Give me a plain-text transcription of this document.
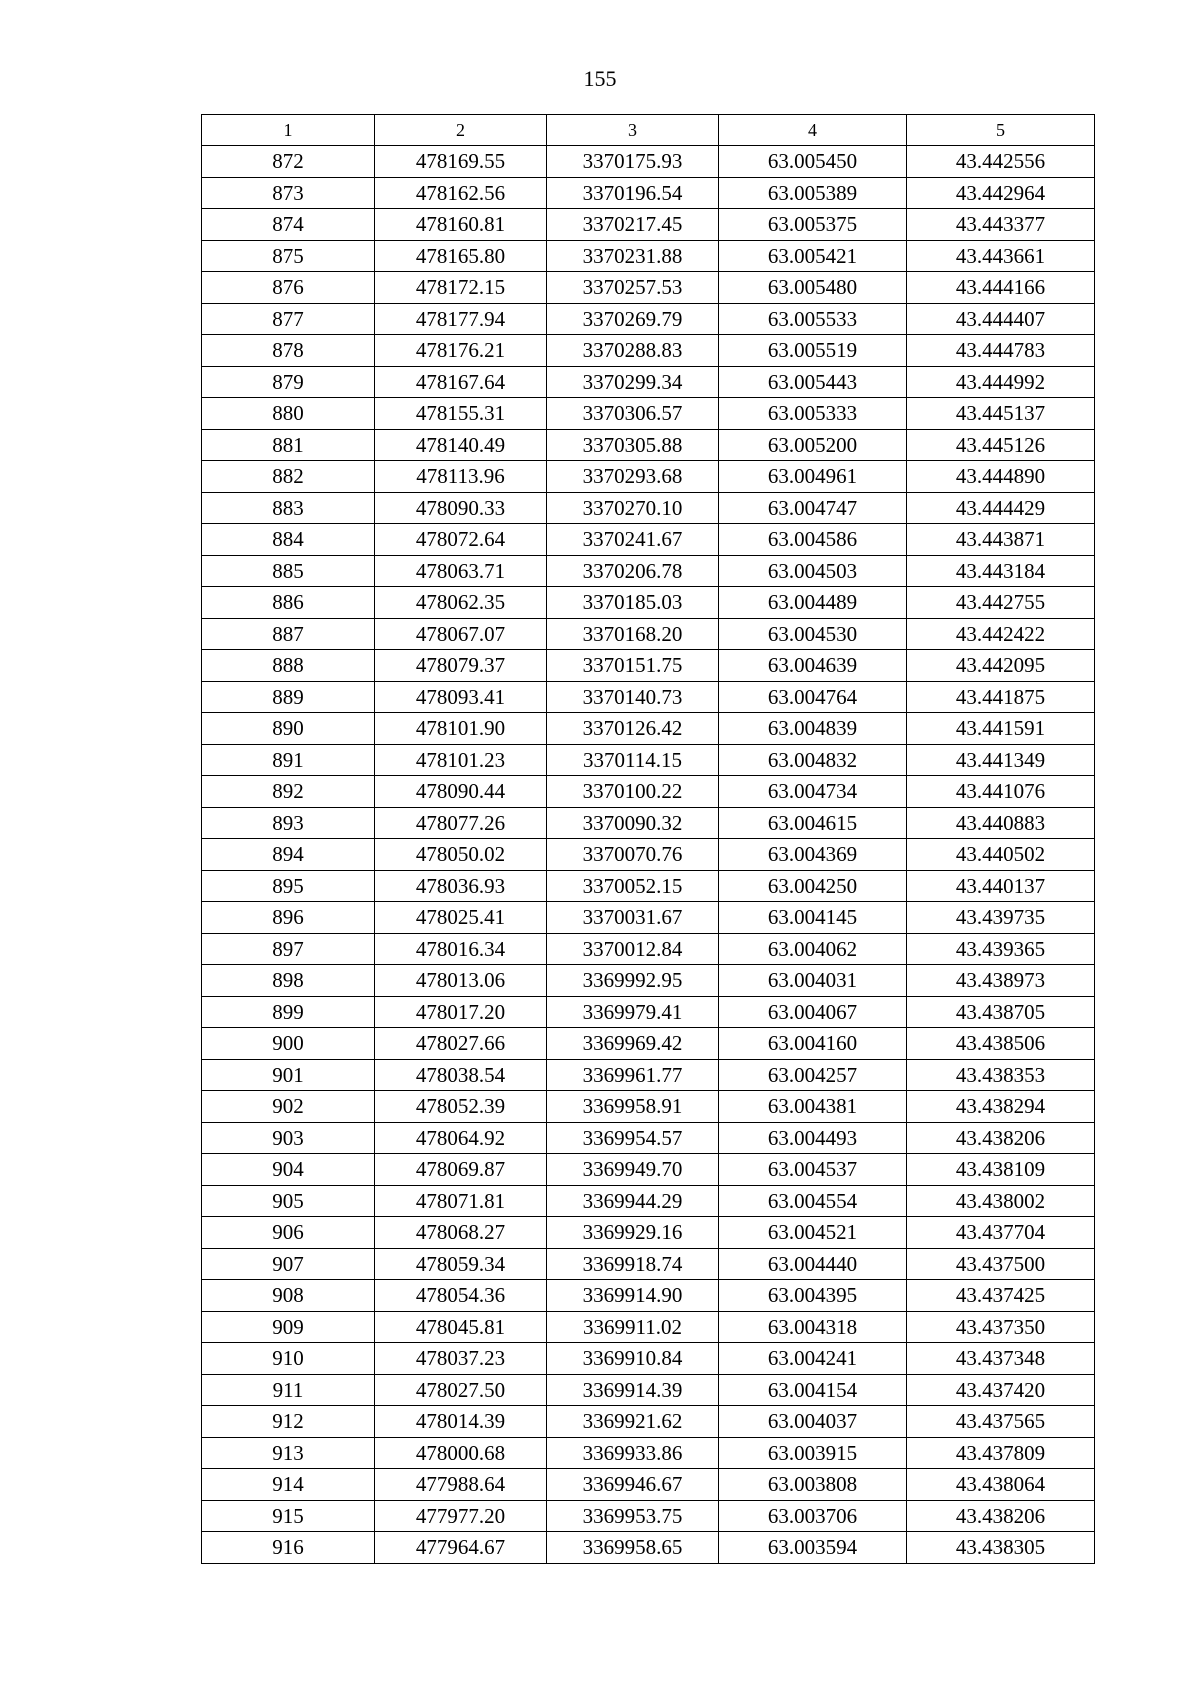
155
1	2	3	4	5
872	478169.55	3370175.93	63.005450	43.442556
873	478162.56	3370196.54	63.005389	43.442964
874	478160.81	3370217.45	63.005375	43.443377
875	478165.80	3370231.88	63.005421	43.443661
876	478172.15	3370257.53	63.005480	43.444166
877	478177.94	3370269.79	63.005533	43.444407
878	478176.21	3370288.83	63.005519	43.444783
879	478167.64	3370299.34	63.005443	43.444992
880	478155.31	3370306.57	63.005333	43.445137
881	478140.49	3370305.88	63.005200	43.445126
882	478113.96	3370293.68	63.004961	43.444890
883	478090.33	3370270.10	63.004747	43.444429
884	478072.64	3370241.67	63.004586	43.443871
885	478063.71	3370206.78	63.004503	43.443184
886	478062.35	3370185.03	63.004489	43.442755
887	478067.07	3370168.20	63.004530	43.442422
888	478079.37	3370151.75	63.004639	43.442095
889	478093.41	3370140.73	63.004764	43.441875
890	478101.90	3370126.42	63.004839	43.441591
891	478101.23	3370114.15	63.004832	43.441349
892	478090.44	3370100.22	63.004734	43.441076
893	478077.26	3370090.32	63.004615	43.440883
894	478050.02	3370070.76	63.004369	43.440502
895	478036.93	3370052.15	63.004250	43.440137
896	478025.41	3370031.67	63.004145	43.439735
897	478016.34	3370012.84	63.004062	43.439365
898	478013.06	3369992.95	63.004031	43.438973
899	478017.20	3369979.41	63.004067	43.438705
900	478027.66	3369969.42	63.004160	43.438506
901	478038.54	3369961.77	63.004257	43.438353
902	478052.39	3369958.91	63.004381	43.438294
903	478064.92	3369954.57	63.004493	43.438206
904	478069.87	3369949.70	63.004537	43.438109
905	478071.81	3369944.29	63.004554	43.438002
906	478068.27	3369929.16	63.004521	43.437704
907	478059.34	3369918.74	63.004440	43.437500
908	478054.36	3369914.90	63.004395	43.437425
909	478045.81	3369911.02	63.004318	43.437350
910	478037.23	3369910.84	63.004241	43.437348
911	478027.50	3369914.39	63.004154	43.437420
912	478014.39	3369921.62	63.004037	43.437565
913	478000.68	3369933.86	63.003915	43.437809
914	477988.64	3369946.67	63.003808	43.438064
915	477977.20	3369953.75	63.003706	43.438206
916	477964.67	3369958.65	63.003594	43.438305
